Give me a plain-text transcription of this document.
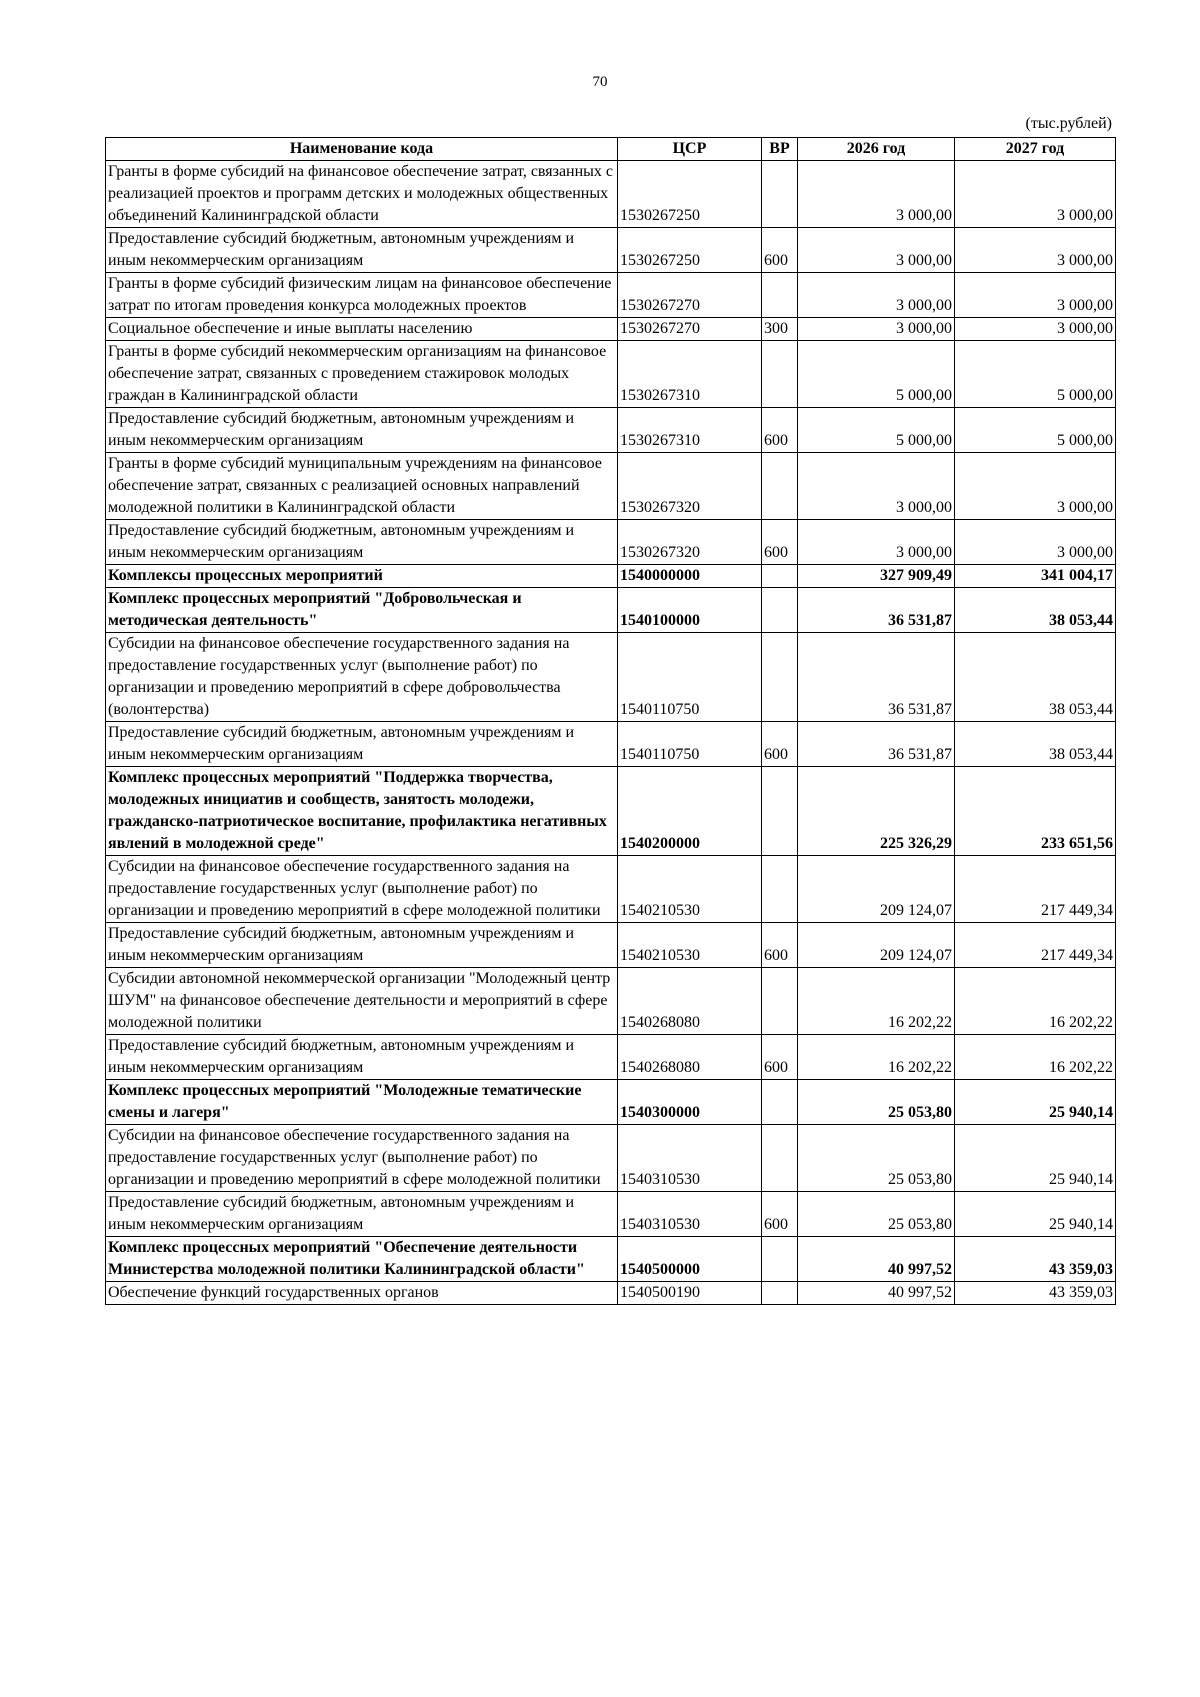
70
(тыс.рублей)
Наименование кода	ЦСР	ВР	2026 год	2027 год
Гранты в форме субсидий на финансовое обеспечение затрат, связанных с реализацией проектов и программ детских и молодежных общественных объединений Калининградской области	1530267250		3 000,00	3 000,00
Предоставление субсидий бюджетным, автономным учреждениям и иным некоммерческим организациям	1530267250	600	3 000,00	3 000,00
Гранты в форме субсидий физическим лицам на финансовое обеспечение затрат по итогам проведения конкурса молодежных проектов	1530267270		3 000,00	3 000,00
Социальное обеспечение и иные выплаты населению	1530267270	300	3 000,00	3 000,00
Гранты в форме субсидий некоммерческим организациям на финансовое обеспечение затрат, связанных с проведением стажировок молодых граждан в Калининградской области	1530267310		5 000,00	5 000,00
Предоставление субсидий бюджетным, автономным учреждениям и иным некоммерческим организациям	1530267310	600	5 000,00	5 000,00
Гранты в форме субсидий муниципальным учреждениям на финансовое обеспечение затрат, связанных с реализацией основных направлений молодежной политики в Калининградской области	1530267320		3 000,00	3 000,00
Предоставление субсидий бюджетным, автономным учреждениям и иным некоммерческим организациям	1530267320	600	3 000,00	3 000,00
Комплексы процессных мероприятий	1540000000		327 909,49	341 004,17
Комплекс процессных мероприятий "Добровольческая и методическая деятельность"	1540100000		36 531,87	38 053,44
Субсидии на финансовое обеспечение государственного задания на предоставление государственных услуг (выполнение работ) по организации и проведению мероприятий в сфере добровольчества (волонтерства)	1540110750		36 531,87	38 053,44
Предоставление субсидий бюджетным, автономным учреждениям и иным некоммерческим организациям	1540110750	600	36 531,87	38 053,44
Комплекс процессных мероприятий "Поддержка творчества, молодежных инициатив и сообществ, занятость молодежи, гражданско-патриотическое воспитание, профилактика негативных явлений в молодежной среде"	1540200000		225 326,29	233 651,56
Субсидии на финансовое обеспечение государственного задания на предоставление государственных услуг (выполнение работ) по организации и проведению мероприятий в сфере молодежной политики	1540210530		209 124,07	217 449,34
Предоставление субсидий бюджетным, автономным учреждениям и иным некоммерческим организациям	1540210530	600	209 124,07	217 449,34
Субсидии автономной некоммерческой организации "Молодежный центр ШУМ" на финансовое обеспечение деятельности и мероприятий в сфере молодежной политики	1540268080		16 202,22	16 202,22
Предоставление субсидий бюджетным, автономным учреждениям и иным некоммерческим организациям	1540268080	600	16 202,22	16 202,22
Комплекс процессных мероприятий "Молодежные тематические смены и лагеря"	1540300000		25 053,80	25 940,14
Субсидии на финансовое обеспечение государственного задания на предоставление государственных услуг (выполнение работ) по организации и проведению мероприятий в сфере молодежной политики	1540310530		25 053,80	25 940,14
Предоставление субсидий бюджетным, автономным учреждениям и иным некоммерческим организациям	1540310530	600	25 053,80	25 940,14
Комплекс процессных мероприятий "Обеспечение деятельности Министерства молодежной политики Калининградской области"	1540500000		40 997,52	43 359,03
Обеспечение функций государственных органов	1540500190		40 997,52	43 359,03
